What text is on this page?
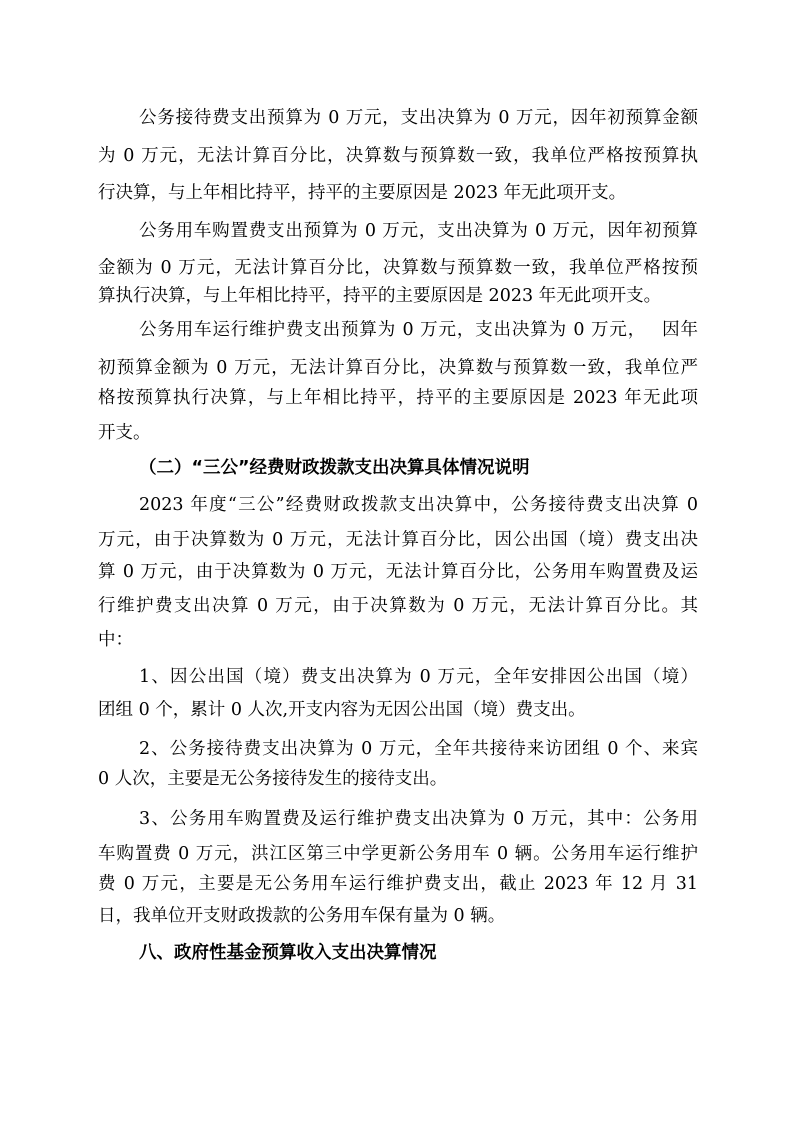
公务接待费支出预算为 0 万元，支出决算为 0 万元，因年初预算金额
为 0 万元，无法计算百分比，决算数与预算数一致，我单位严格按预算执
行决算，与上年相比持平，持平的主要原因是 2023 年无此项开支。
公务用车购置费支出预算为 0 万元，支出决算为 0 万元，因年初预算
金额为 0 万元，无法计算百分比，决算数与预算数一致，我单位严格按预
算执行决算，与上年相比持平，持平的主要原因是 2023 年无此项开支。
公务用车运行维护费支出预算为 0 万元，支出决算为 0 万元，　 因年
初预算金额为 0 万元，无法计算百分比，决算数与预算数一致，我单位严
格按预算执行决算，与上年相比持平，持平的主要原因是 2023 年无此项
开支。
（二）“三公”经费财政拨款支出决算具体情况说明
2023 年度“三公”经费财政拨款支出决算中，公务接待费支出决算 0
万元，由于决算数为 0 万元，无法计算百分比，因公出国（境）费支出决
算 0 万元，由于决算数为 0 万元，无法计算百分比，公务用车购置费及运
行维护费支出决算 0 万元，由于决算数为 0 万元，无法计算百分比。其
中：
1、因公出国（境）费支出决算为 0 万元，全年安排因公出国（境）
团组 0 个，累计 0 人次,开支内容为无因公出国（境）费支出。
2、公务接待费支出决算为 0 万元，全年共接待来访团组 0 个、来宾
0 人次，主要是无公务接待发生的接待支出。
3、公务用车购置费及运行维护费支出决算为 0 万元，其中：公务用
车购置费 0 万元，洪江区第三中学更新公务用车 0 辆。公务用车运行维护
费 0 万元，主要是无公务用车运行维护费支出，截止 2023 年 12 月 31
日，我单位开支财政拨款的公务用车保有量为 0 辆。
八、政府性基金预算收入支出决算情况
